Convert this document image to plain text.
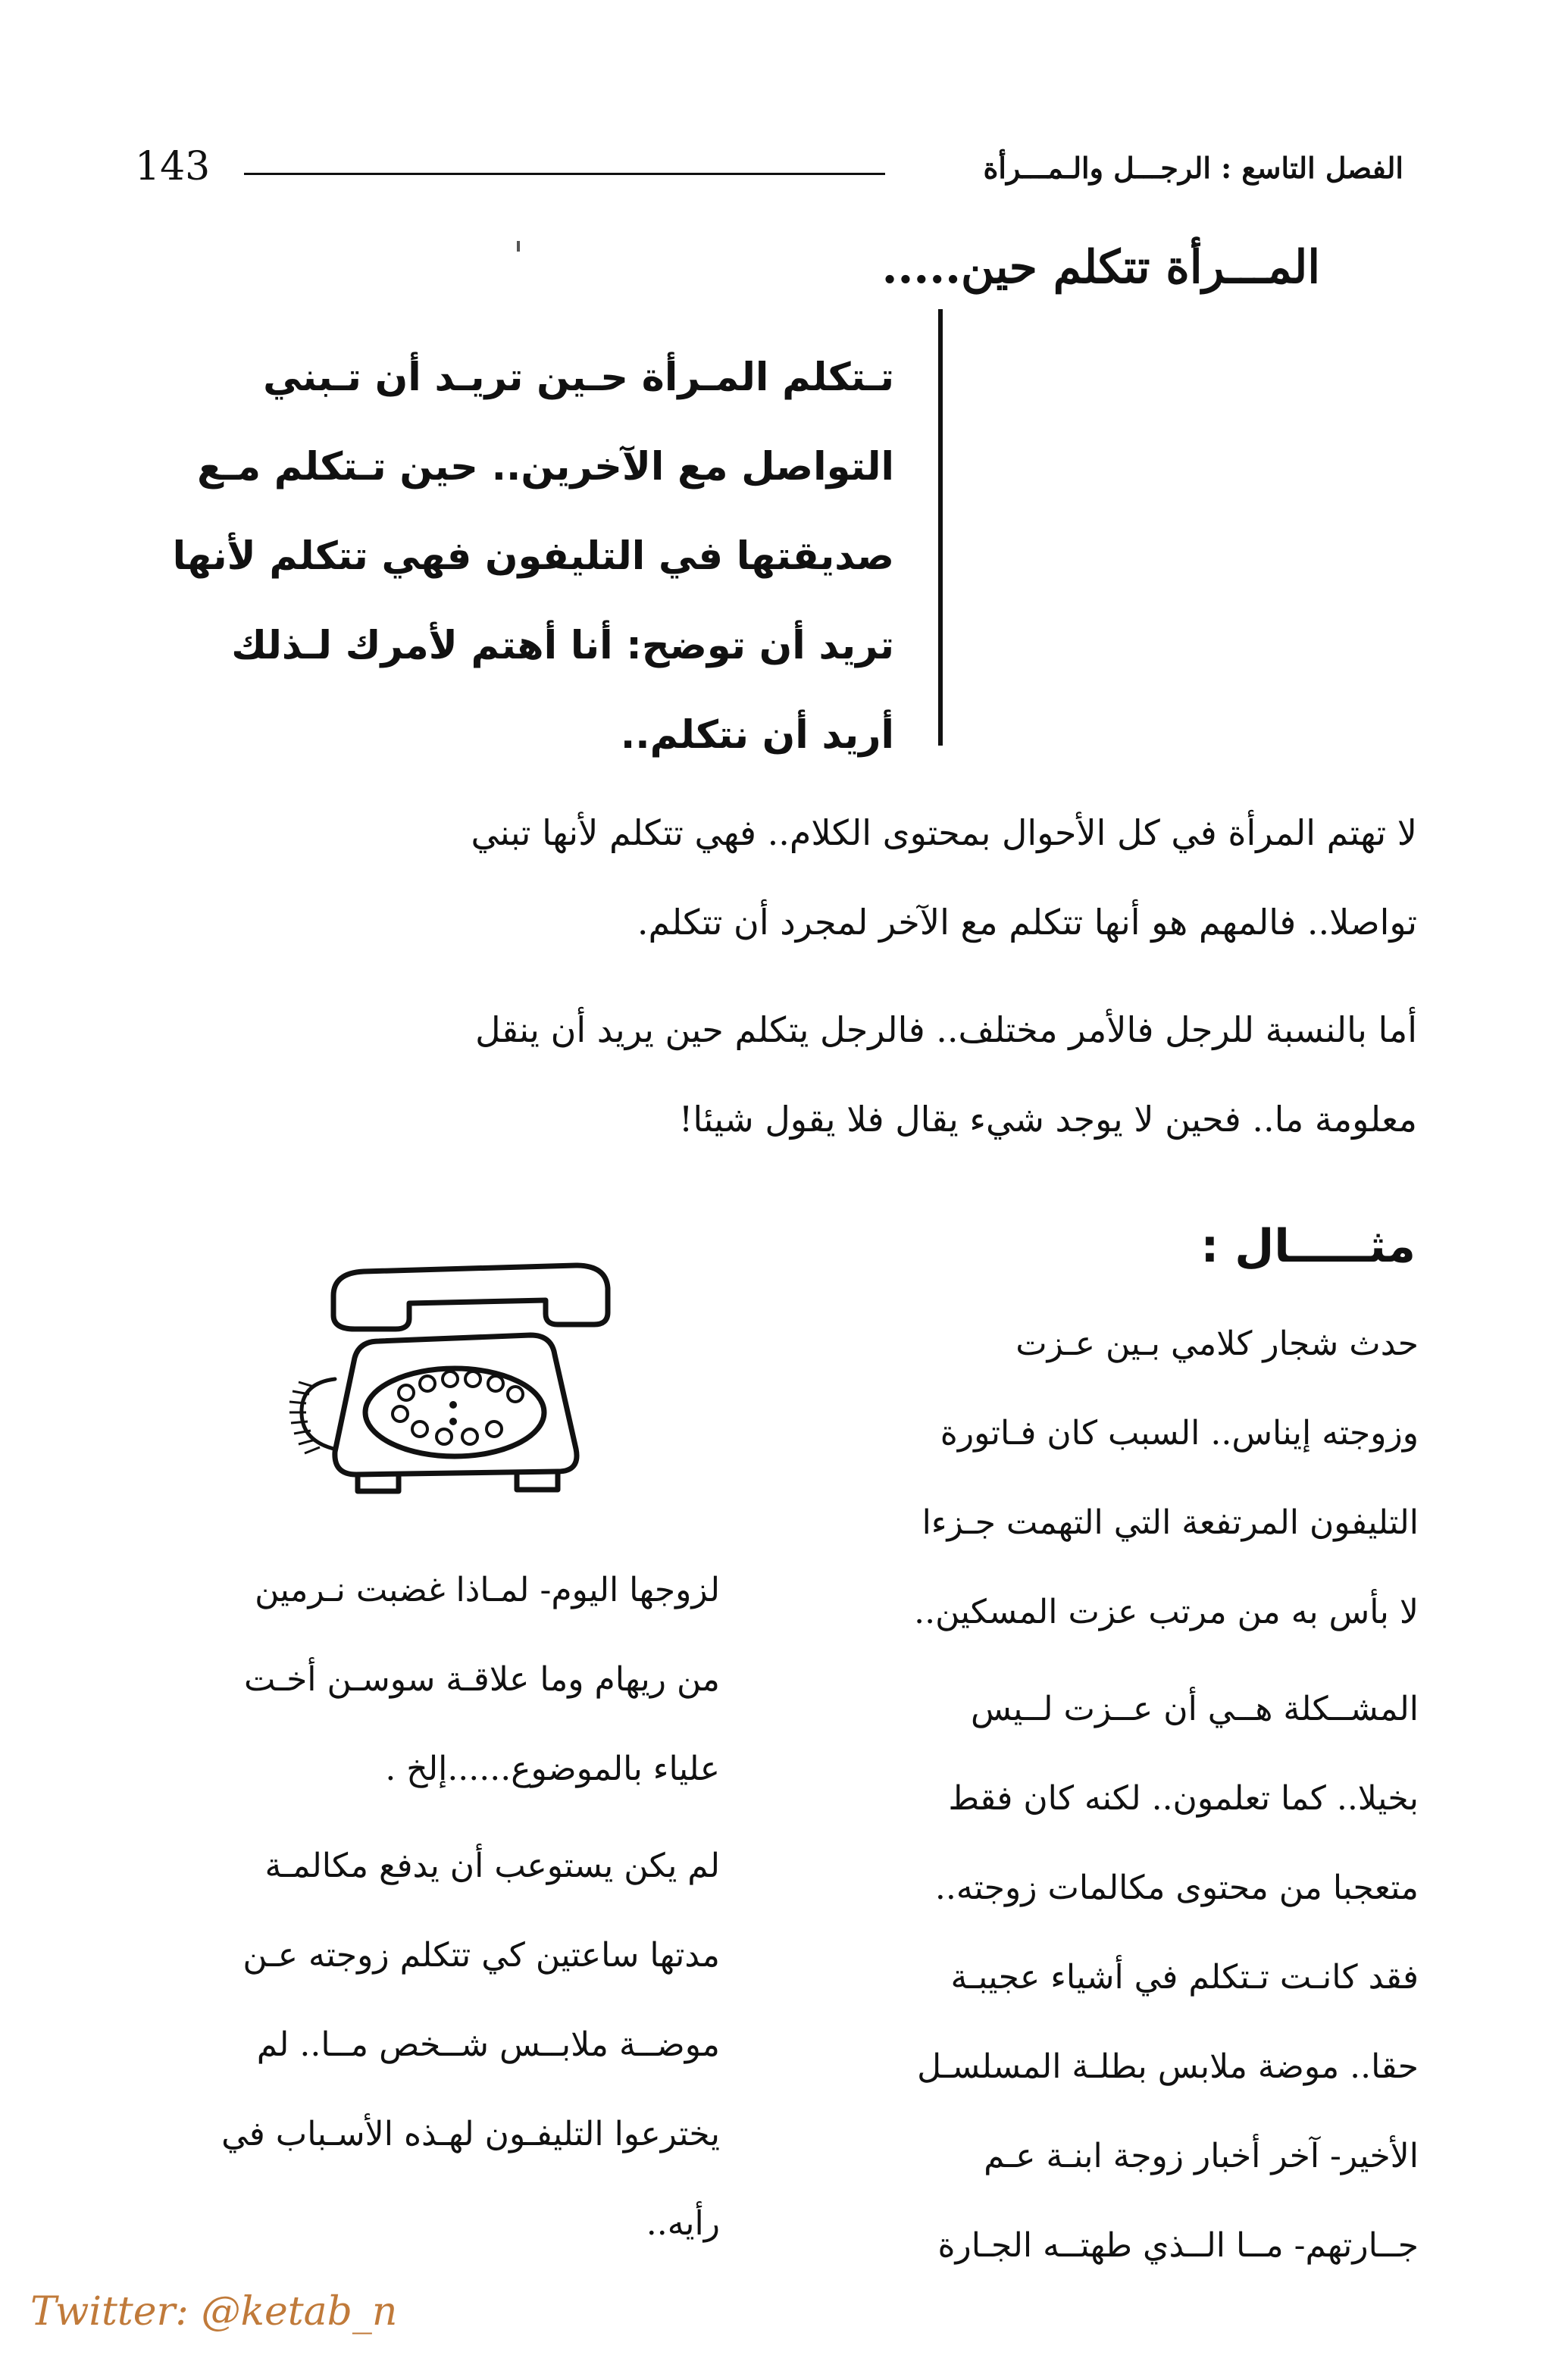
143	الفصل التاسع : الرجـــل والـمـــرأة
المـــرأة تتكلم حين.....
تـتكلم المـرأة حـين تريـد أن تـبني
التواصل مع الآخرين.. حين تـتكلم مـع
صديقتها في التليفون فهي تتكلم لأنها
تريد أن توضح: أنا أهتم لأمرك لـذلك
أريد أن نتكلم..
لا تهتم المرأة في كل الأحوال بمحتوى الكلام.. فهي تتكلم لأنها تبني
تواصلا.. فالمهم هو أنها تتكلم مع الآخر لمجرد أن تتكلم.
أما بالنسبة للرجل فالأمر مختلف.. فالرجل يتكلم حين يريد أن ينقل
معلومة ما.. فحين لا يوجد شيء يقال فلا يقول شيئا!
مثـــــال :
حدث شجار كلامي بـين عـزت
وزوجته إيناس.. السبب كان فـاتورة
التليفون المرتفعة التي التهمت جـزءا
لا بأس به من مرتب عزت المسكين..
المشــكلة هــي أن عــزت لــيس
بخيلا.. كما تعلمون.. لكنه كان فقط
متعجبا من محتوى مكالمات زوجته..
فقد كانـت تـتكلم في أشياء عجيبـة
حقا.. موضة ملابس بطلـة المسلسـل
الأخير- آخر أخبار زوجة ابنـة عـم
جــارتهم- مــا الــذي طهتــه الجـارة
لزوجها اليوم- لمـاذا غضبت نـرمين
من ريهام وما علاقـة سوسـن أخـت
علياء بالموضوع......إلخ .
لم يكن يستوعب أن يدفع مكالمـة
مدتها ساعتين كي تتكلم زوجته عـن
موضــة ملابــس شــخص مــا.. لم
يخترعوا التليفـون لهـذه الأسـباب في
رأيه..
Twitter: @ketab_n
